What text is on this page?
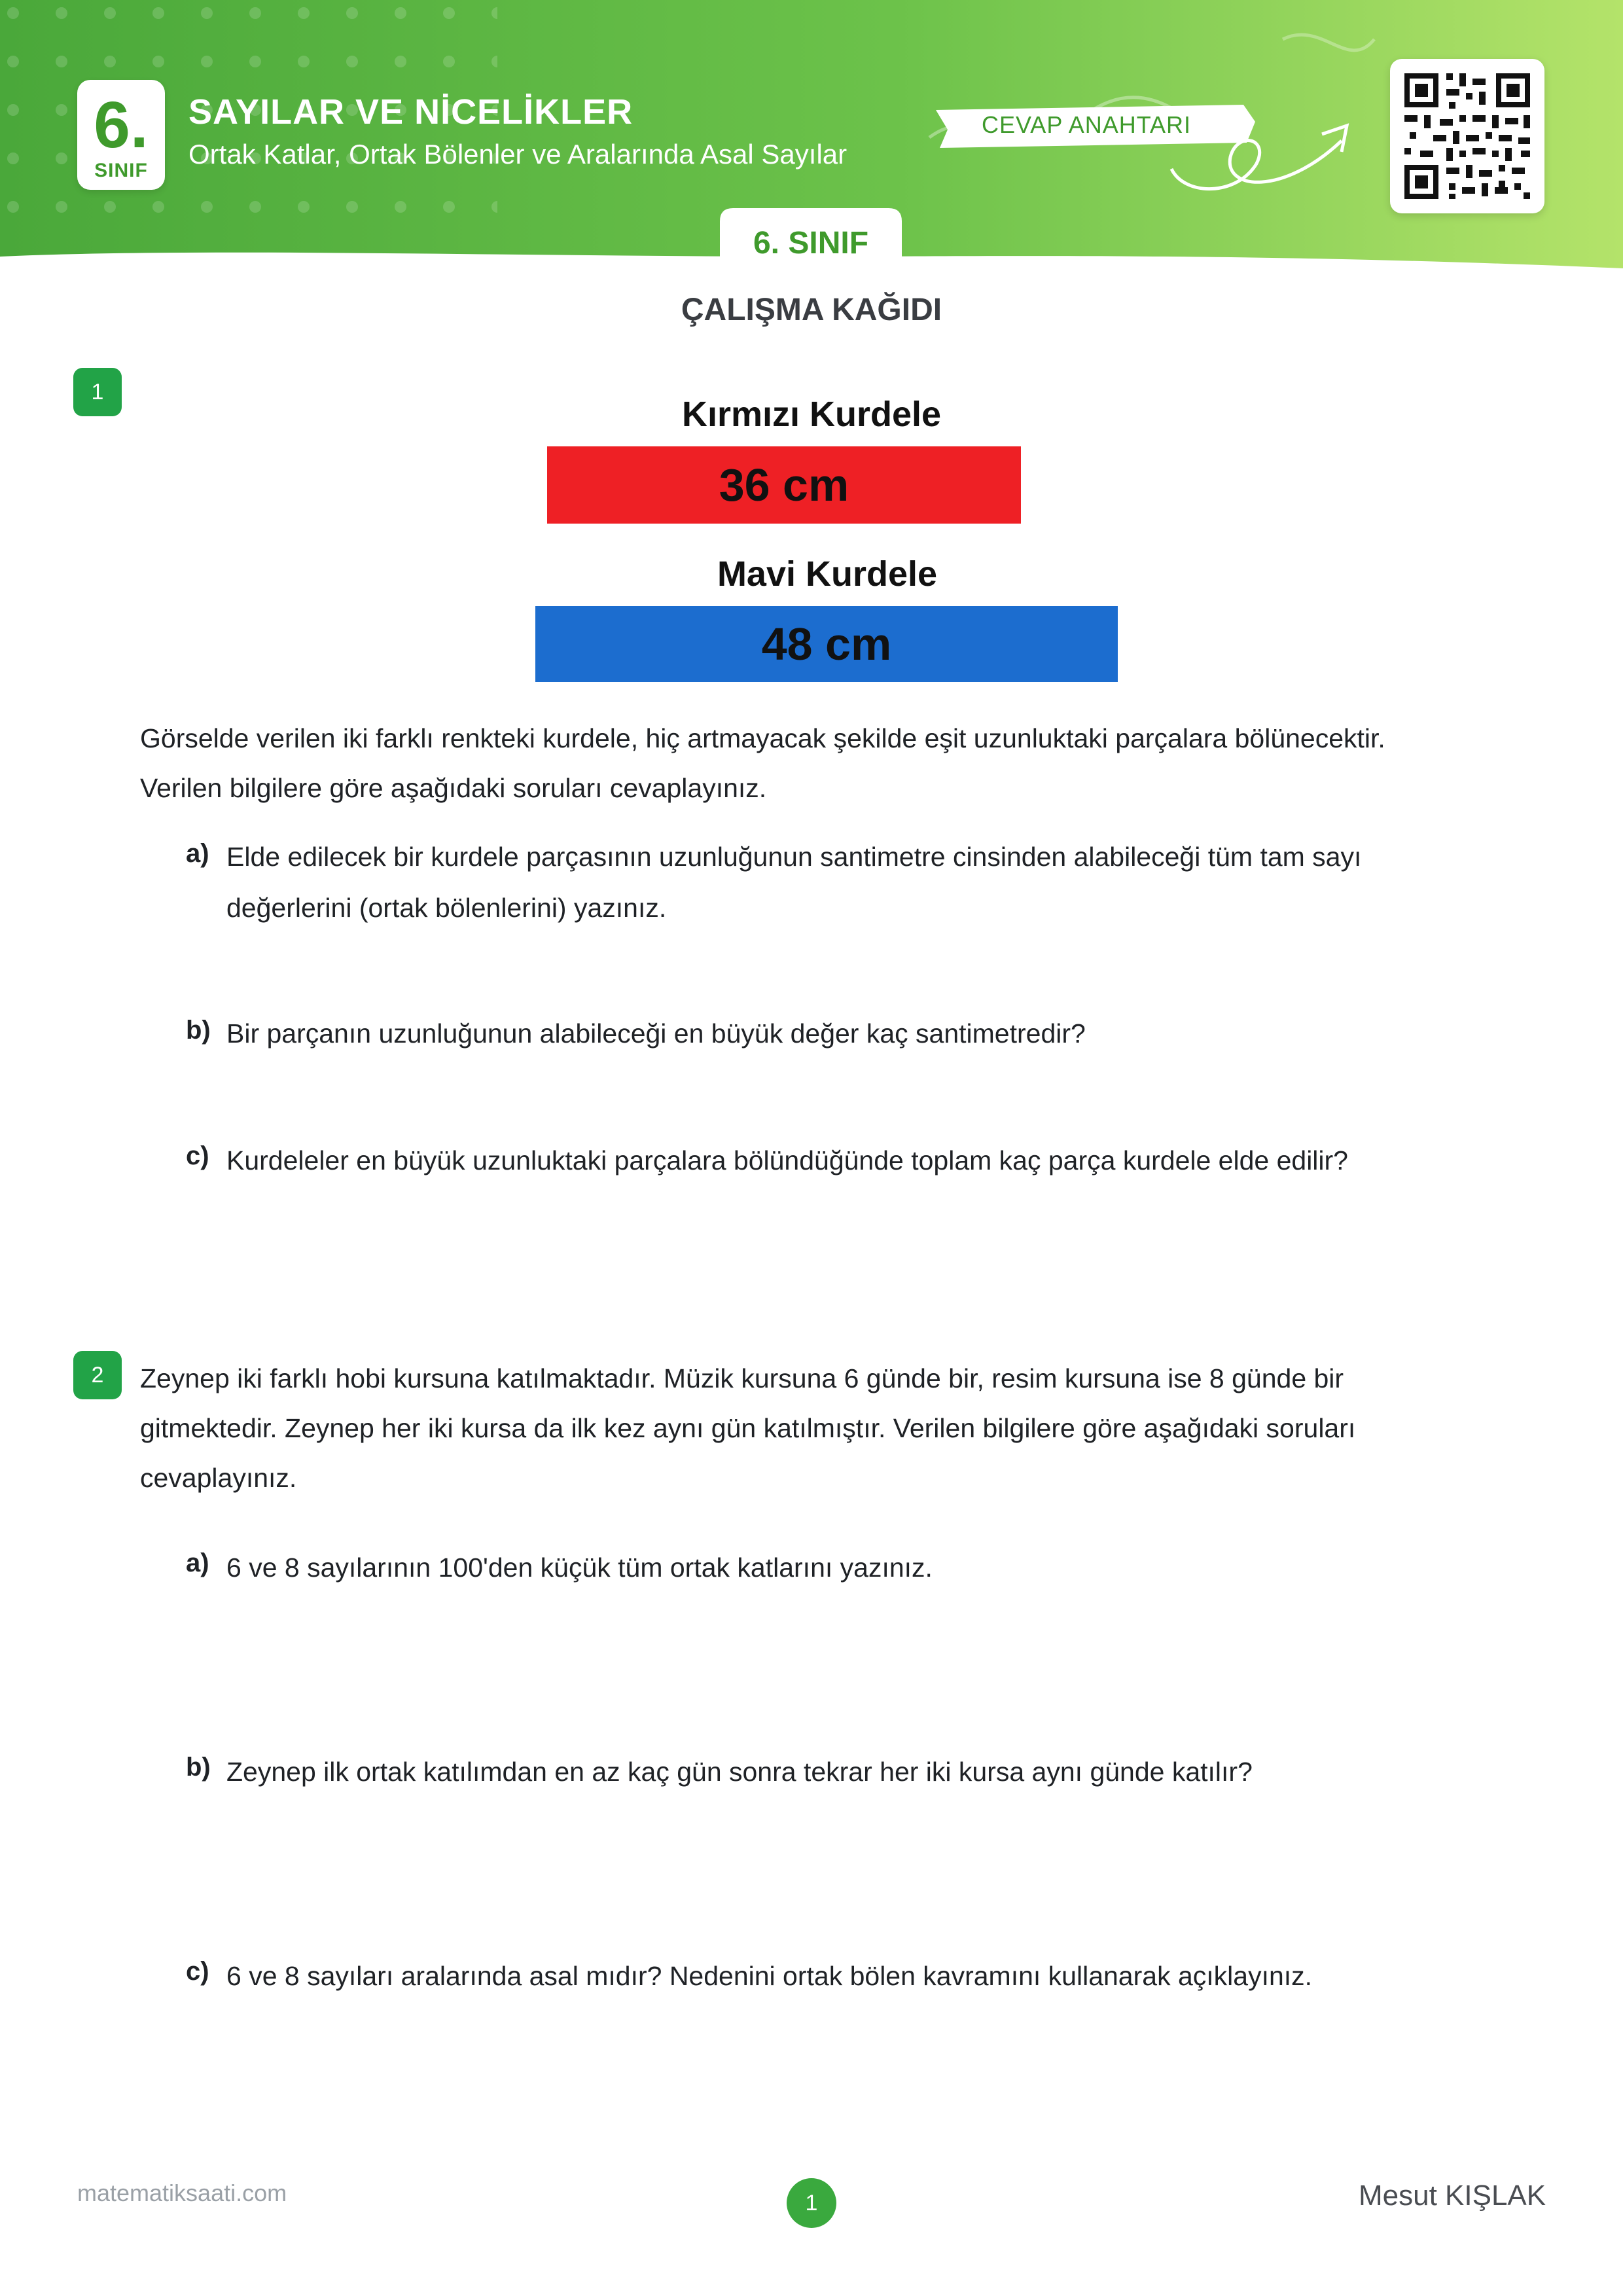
6.
SINIF
SAYILAR VE NİCELİKLER
Ortak Katlar, Ortak Bölenler ve Aralarında Asal Sayılar
CEVAP ANAHTARI
6. SINIF
ÇALIŞMA KAĞIDI
1
Kırmızı Kurdele
36 cm
Mavi Kurdele
48 cm
Görselde verilen iki farklı renkteki kurdele, hiç artmayacak şekilde eşit uzunluktaki parçalara bölünecektir.
Verilen bilgilere göre aşağıdaki soruları cevaplayınız.
a) Elde edilecek bir kurdele parçasının uzunluğunun santimetre cinsinden alabileceği tüm tam sayı
değerlerini (ortak bölenlerini) yazınız.
b) Bir parçanın uzunluğunun alabileceği en büyük değer kaç santimetredir?
c) Kurdeleler en büyük uzunluktaki parçalara bölündüğünde toplam kaç parça kurdele elde edilir?
2	Zeynep iki farklı hobi kursuna katılmaktadır. Müzik kursuna 6 günde bir, resim kursuna ise 8 günde bir
gitmektedir. Zeynep her iki kursa da ilk kez aynı gün katılmıştır. Verilen bilgilere göre aşağıdaki soruları
cevaplayınız.
a) 6 ve 8 sayılarının 100'den küçük tüm ortak katlarını yazınız.
b) Zeynep ilk ortak katılımdan en az kaç gün sonra tekrar her iki kursa aynı günde katılır?
c) 6 ve 8 sayıları aralarında asal mıdır? Nedenini ortak bölen kavramını kullanarak açıklayınız.
matematiksaati.com	1	Mesut KIŞLAK
